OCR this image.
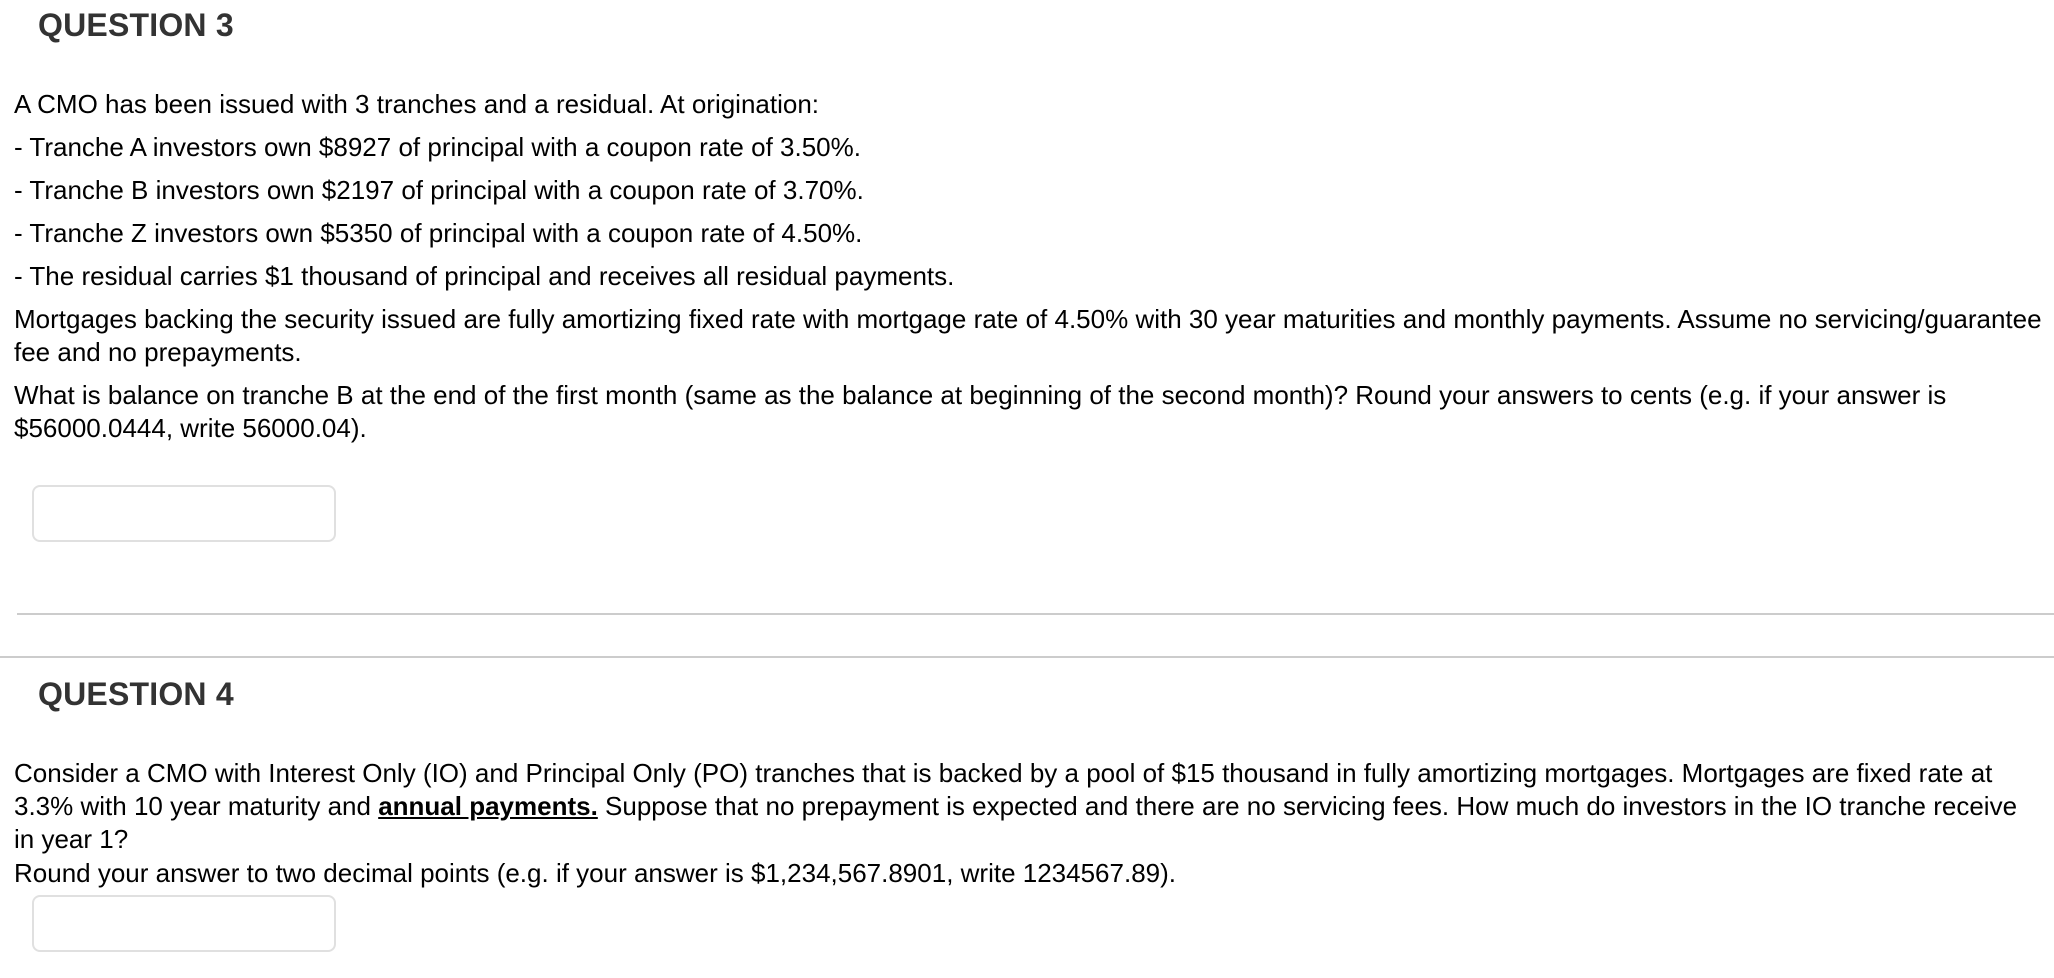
QUESTION 3

A CMO has been issued with 3 tranches and a residual. At origination:

- Tranche A investors own $8927 of principal with a coupon rate of 3.50%.

- Tranche B investors own $2197 of principal with a coupon rate of 3.70%.

- Tranche Z investors own $5350 of principal with a coupon rate of 4.50%.

- The residual carries $1 thousand of principal and receives all residual payments.

Mortgages backing the security issued are fully amortizing fixed rate with mortgage rate of 4.50% with 30 year maturities and monthly payments. Assume no servicing/guarantee fee and no prepayments.

What is balance on tranche B at the end of the first month (same as the balance at beginning of the second month)? Round your answers to cents (e.g. if your answer is $56000.0444, write 56000.04).

QUESTION 4

Consider a CMO with Interest Only (IO) and Principal Only (PO) tranches that is backed by a pool of $15 thousand in fully amortizing mortgages. Mortgages are fixed rate at 3.3% with 10 year maturity and annual payments. Suppose that no prepayment is expected and there are no servicing fees. How much do investors in the IO tranche receive in year 1?

Round your answer to two decimal points (e.g. if your answer is $1,234,567.8901, write 1234567.89).
